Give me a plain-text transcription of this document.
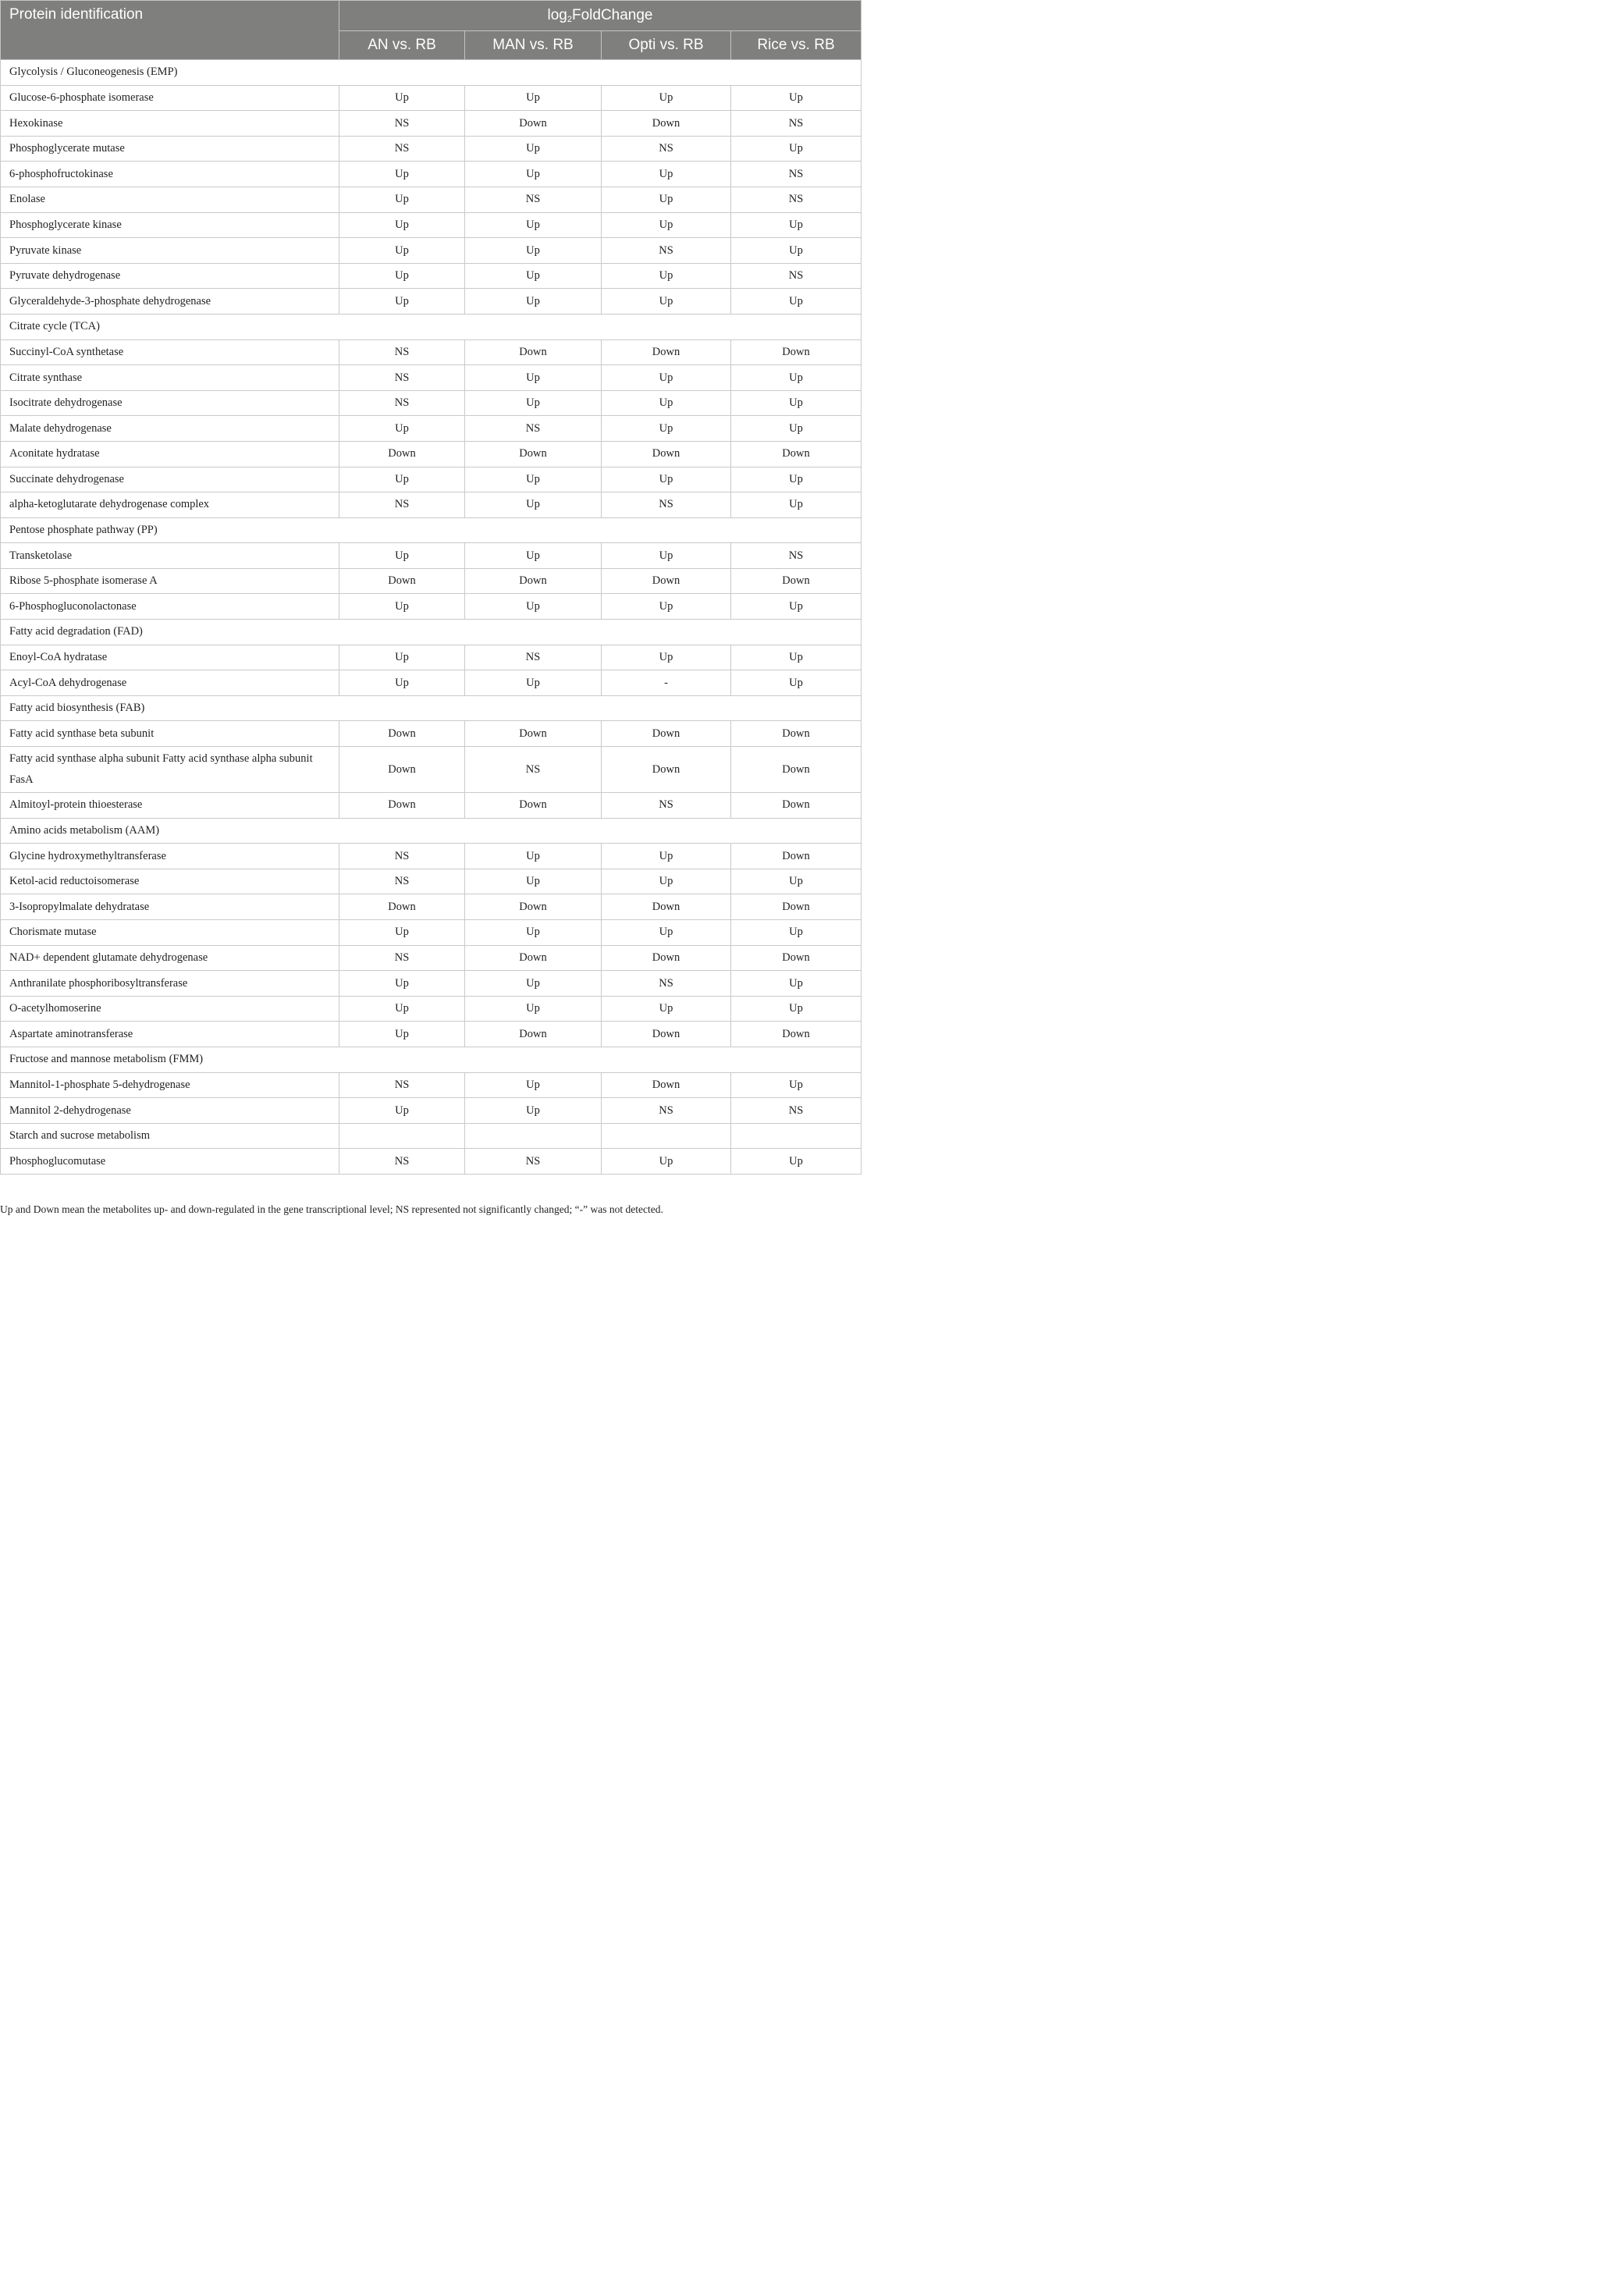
Protein identification	$\log_2FoldChange$			
	AN vs. RB	MAN vs. RB	Opti vs. RB	Rice vs. RB
Glycolysis / Gluconeogenesis (EMP)				
Glucose-6-phosphate isomerase	Up	Up	Up	Up
Hexokinase	NS	Down	Down	NS
Phosphoglycerate mutase	NS	Up	NS	Up
6-phosphofructokinase	Up	Up	Up	NS
Enolase	Up	NS	Up	NS
Phosphoglycerate kinase	Up	Up	Up	Up
Pyruvate kinase	Up	Up	NS	Up
Pyruvate dehydrogenase	Up	Up	Up	NS
Glyceraldehyde-3-phosphate dehydrogenase	Up	Up	Up	Up
Citrate cycle (TCA)				
Succinyl-CoA synthetase	NS	Down	Down	Down
Citrate synthase	NS	Up	Up	Up
Isocitrate dehydrogenase	NS	Up	Up	Up
Malate dehydrogenase	Up	NS	Up	Up
Aconitate hydratase	Down	Down	Down	Down
Succinate dehydrogenase	Up	Up	Up	Up
alpha-ketoglutarate dehydrogenase complex	NS	Up	NS	Up
Pentose phosphate pathway (PP)				
Transketolase	Up	Up	Up	NS
Ribose 5-phosphate isomerase A	Down	Down	Down	Down
6-Phosphogluconolactonase	Up	Up	Up	Up
Fatty acid degradation (FAD)				
Enoyl-CoA hydratase	Up	NS	Up	Up
Acyl-CoA dehydrogenase	Up	Up	-	Up
Fatty acid biosynthesis (FAB)				
Fatty acid synthase beta subunit	Down	Down	Down	Down
Fatty acid synthase alpha subunit Fatty acid synthase alpha subunit FasA	Down	NS	Down	Down
Almitoyl-protein thioesterase	Down	Down	NS	Down
Amino acids metabolism (AAM)				
Glycine hydroxymethyltransferase	NS	Up	Up	Down
Ketol-acid reductoisomerase	NS	Up	Up	Up
3-Isopropylmalate dehydratase	Down	Down	Down	Down
Chorismate mutase	Up	Up	Up	Up
NAD+ dependent glutamate dehydrogenase	NS	Down	Down	Down
Anthranilate phosphoribosyltransferase	Up	Up	NS	Up
O-acetylhomoserine	Up	Up	Up	Up
Aspartate aminotransferase	Up	Down	Down	Down
Fructose and mannose metabolism (FMM)				
Mannitol-1-phosphate 5-dehydrogenase	NS	Up	Down	Up
Mannitol 2-dehydrogenase	Up	Up	NS	NS
Starch and sucrose metabolism				
Phosphoglucomutase	NS	NS	Up	Up
Up and Down mean the metabolites up- and down-regulated in the gene transcriptional level; NS represented not significantly changed; “-” was not detected.
